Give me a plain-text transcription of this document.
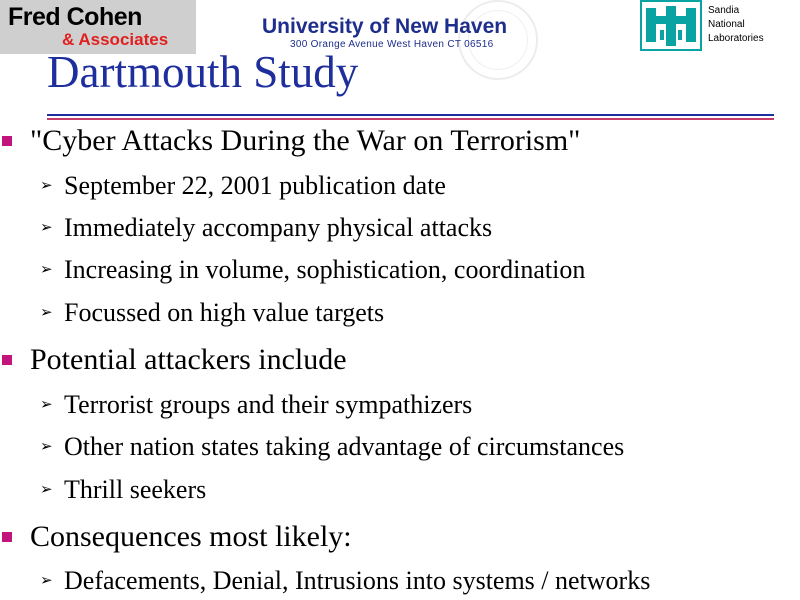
Fred Cohen
& Associates
University of New Haven
300 Orange Avenue West Haven CT 06516
Sandia
National
Laboratories
Dartmouth Study
"Cyber Attacks During the War on Terrorism"
➢ September 22, 2001 publication date
➢ Immediately accompany physical attacks
➢ Increasing in volume, sophistication, coordination
➢ Focussed on high value targets
Potential attackers include
➢ Terrorist groups and their sympathizers
➢ Other nation states taking advantage of circumstances
➢ Thrill seekers
Consequences most likely:
➢ Defacements, Denial, Intrusions into systems / networks
